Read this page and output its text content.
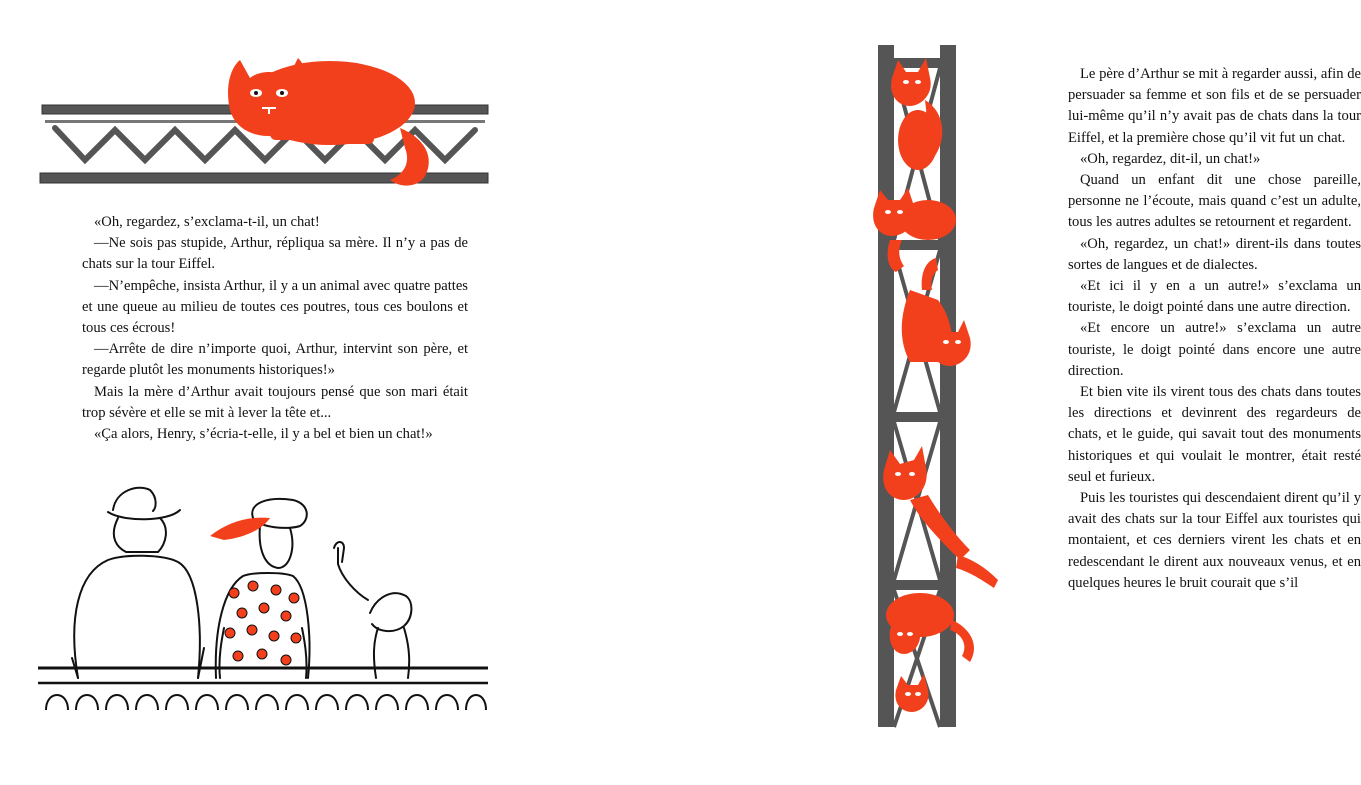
«Oh, regardez, s’exclama-t-il, un chat!

—Ne sois pas stupide, Arthur, répliqua sa mère. Il n’y a pas de chats sur la tour Eiffel.

—N’empêche, insista Arthur, il y a un animal avec quatre pattes et une queue au milieu de toutes ces poutres, tous ces boulons et tous ces écrous!

—Arrête de dire n’importe quoi, Arthur, intervint son père, et regarde plutôt les monuments historiques!»

Mais la mère d’Arthur avait toujours pensé que son mari était trop sévère et elle se mit à lever la tête et...

«Ça alors, Henry, s’écria-t-elle, il y a bel et bien un chat!»

Le père d’Arthur se mit à regarder aussi, afin de persuader sa femme et son fils et de se persuader lui-même qu’il n’y avait pas de chats dans la tour Eiffel, et la première chose qu’il vit fut un chat.

«Oh, regardez, dit-il, un chat!»

Quand un enfant dit une chose pareille, personne ne l’écoute, mais quand c’est un adulte, tous les autres adultes se retournent et regardent.

«Oh, regardez, un chat!» dirent-ils dans toutes sortes de langues et de dialectes.

«Et ici il y en a un autre!» s’exclama un touriste, le doigt pointé dans une autre direction.

«Et encore un autre!» s’exclama un autre touriste, le doigt pointé dans encore une autre direction.

Et bien vite ils virent tous des chats dans toutes les directions et devinrent des regardeurs de chats, et le guide, qui savait tout des monuments historiques et qui voulait le montrer, était resté seul et furieux.

Puis les touristes qui descendaient dirent qu’il y avait des chats sur la tour Eiffel aux touristes qui montaient, et ces derniers virent les chats et en redescendant le dirent aux nouveaux venus, et en quelques heures le bruit courait que s’il
